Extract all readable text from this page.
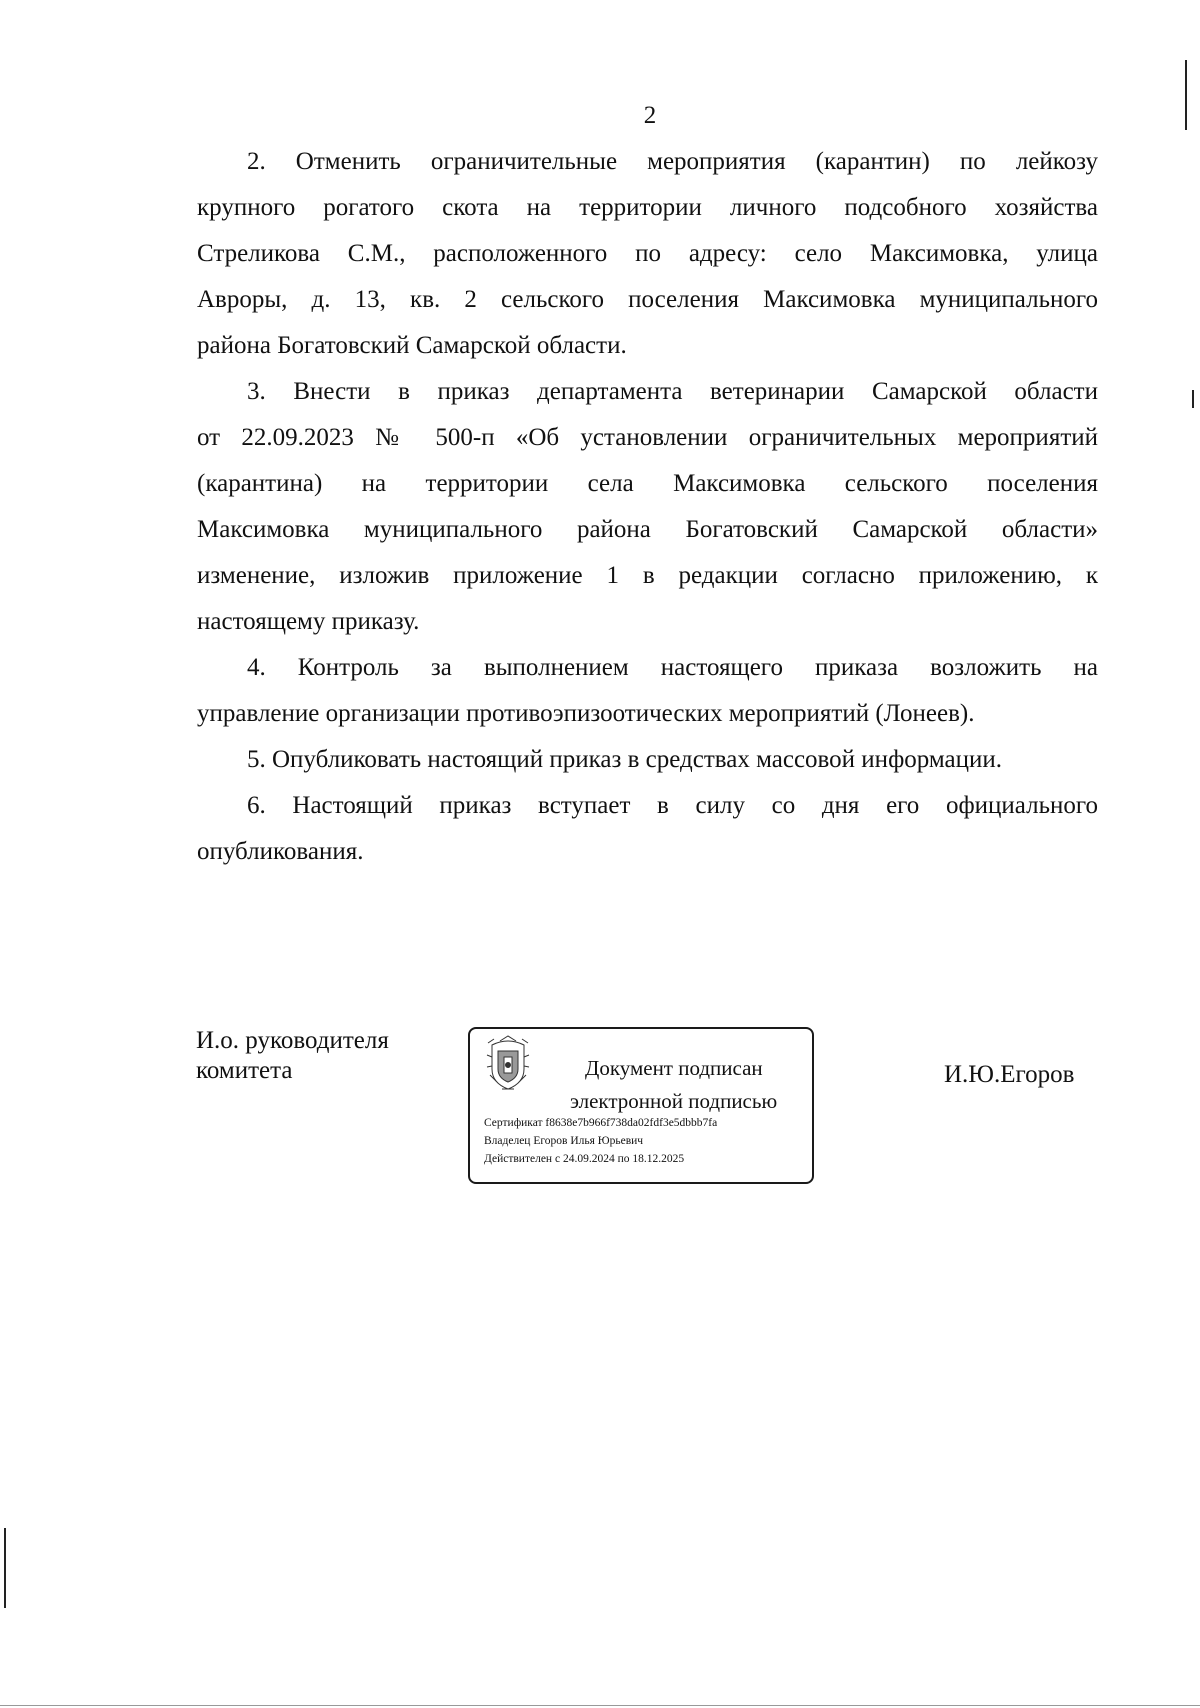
2

2. Отменить ограничительные мероприятия (карантин) по лейкозу
крупного рогатого скота на территории личного подсобного хозяйства
Стреликова С.М., расположенного по адресу: село Максимовка, улица
Авроры, д. 13, кв. 2 сельского поселения Максимовка муниципального
района Богатовский Самарской области.

3. Внести в приказ департамента ветеринарии Самарской области
от 22.09.2023 № 500-п «Об установлении ограничительных мероприятий
(карантина) на территории села Максимовка сельского поселения
Максимовка муниципального района Богатовский Самарской области»
изменение, изложив приложение 1 в редакции согласно приложению, к
настоящему приказу.

4. Контроль за выполнением настоящего приказа возложить на
управление организации противоэпизоотических мероприятий (Лонеев).

5. Опубликовать настоящий приказ в средствах массовой информации.

6. Настоящий приказ вступает в силу со дня его официального
опубликования.

И.о. руководителя
комитета	Документ подписан
электронной подписью
Сертификат f8638e7b966f738da02fdf3e5dbbb7fa
Владелец Егоров Илья Юрьевич
Действителен с 24.09.2024 по 18.12.2025
И.Ю.Егоров
